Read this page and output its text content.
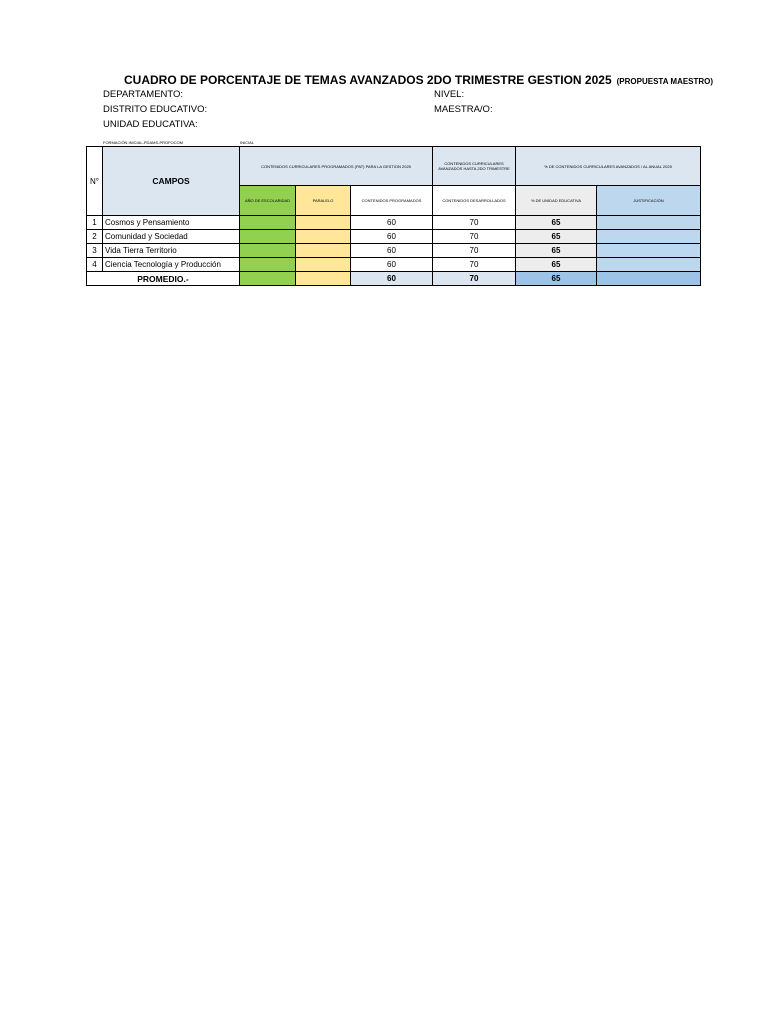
CUADRO DE PORCENTAJE DE TEMAS AVANZADOS 2DO TRIMESTRE GESTION 2025 (PROPUESTA MAESTRO)
DEPARTAMENTO:
DISTRITO EDUCATIVO:
UNIDAD EDUCATIVA:
NIVEL:
MAESTRA/O:
FORMACIÓN INICIAL-PDAMS-PROFOCOM	INICIAL
N°	CAMPOS	CONTENIDOS CURRICULARES PROGRAMADOS (PAT) PARA LA GESTION 2025			CONTENIDOS CURRICULARES AVANZADOS HASTA 2DO TRIMESTRE	% DE CONTENIDOS CURRICULARES AVANZADOS / AL ANUAL 2025	
		AÑO DE ESCOLARIDAD	PARALELO	CONTENIDOS PROGRAMADOS	CONTENIDOS DESARROLLADOS	% DE UNIDAD EDUCATIVA	JUSTIFICACIÓN
1	Cosmos y Pensamiento			60	70	65	
2	Comunidad y Sociedad			60	70	65	
3	Vida Tierra Territorio			60	70	65	
4	Ciencia Tecnología y Producción			60	70	65	
PROMEDIO.-				60	70	65	
